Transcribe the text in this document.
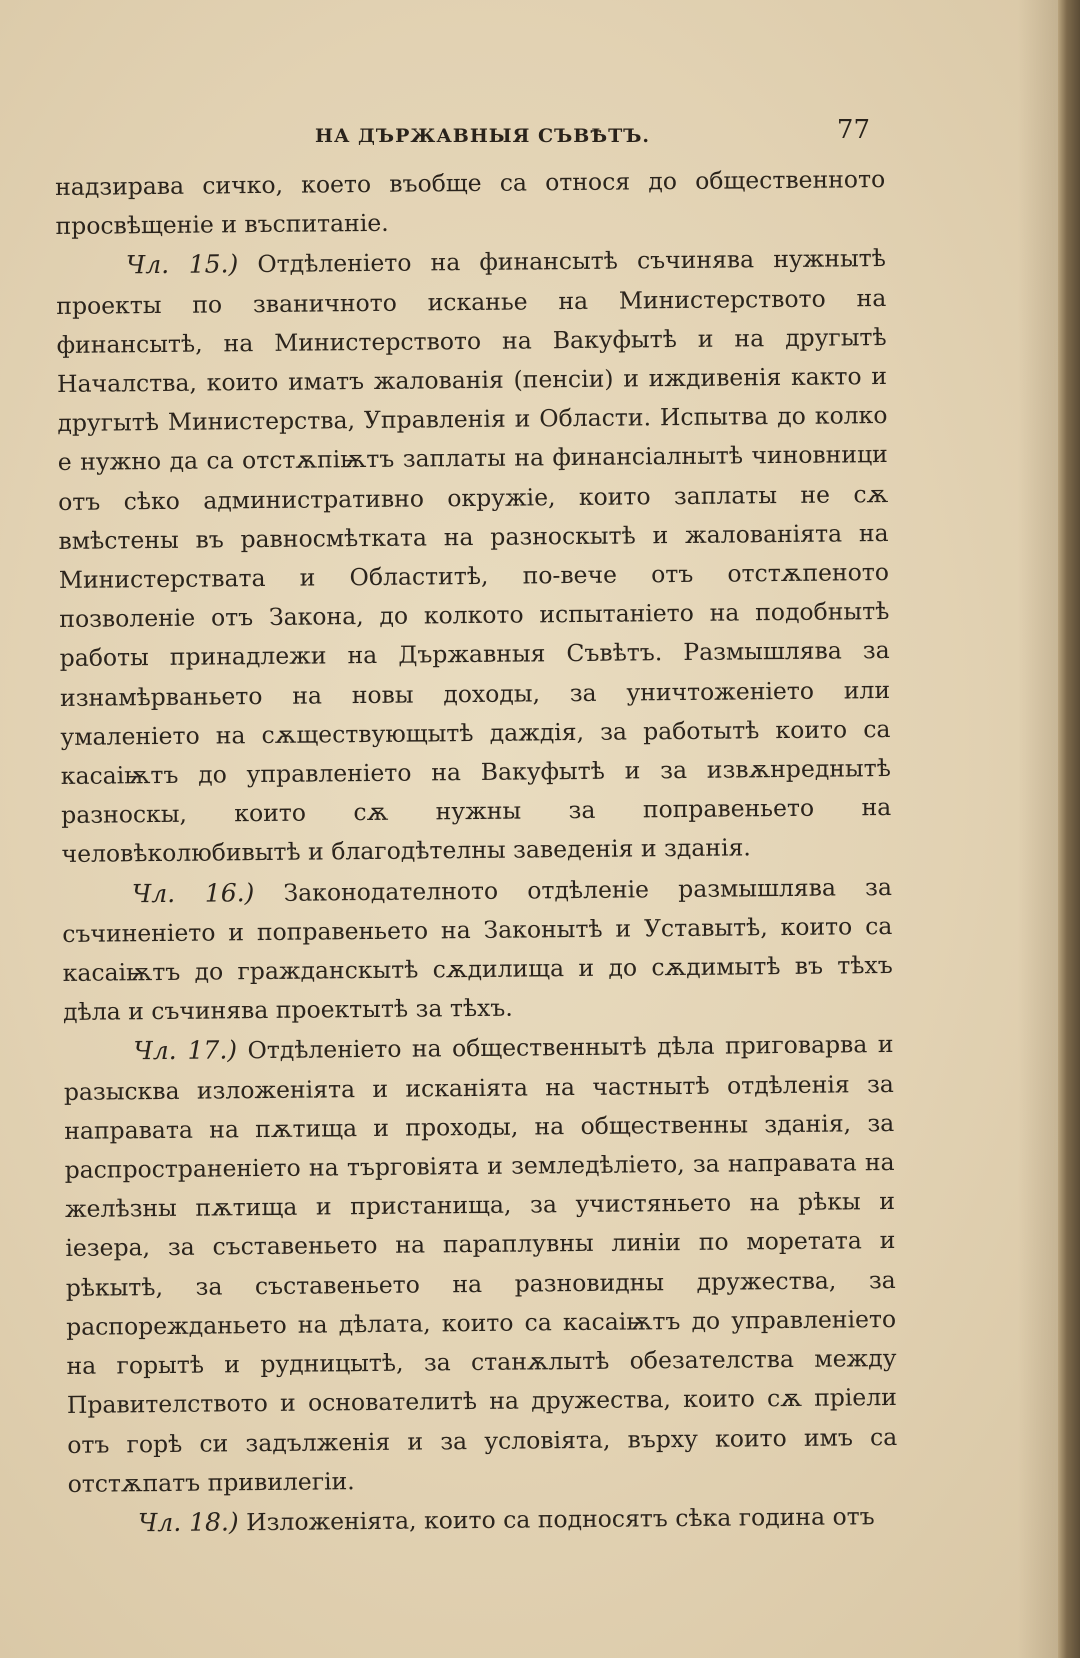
НА ДЪРЖАВНЫЯ СЪВѢТЪ.	77

надзирава сичко, което въобще са относя до общественното просвѣщеніе и въспитаніе.

Чл. 15.) Отдѣленіето на финансытѣ съчинява нужнытѣ проекты по званичното исканье на Министерството на финансытѣ, на Министерството на Вакуфытѣ и на другытѣ Началства, които иматъ жалованія (пенсіи) и иждивенія както и другытѣ Министерства, Управленія и Области. Испытва до колко е нужно да са отстѫпіѭтъ заплаты на финансіалнытѣ чиновници отъ сѣко административно окружіе, които заплаты не сѫ вмѣстены въ равносмѣтката на разноскытѣ и жалованіята на Министерствата и Областитѣ, по-вече отъ отстѫпеното позволеніе отъ Закона, до колкото испытаніето на подобнытѣ работы принадлежи на Държавныя Съвѣтъ. Размышлява за изнамѣрваньето на новы доходы, за уничтоженіето или умаленіето на сѫществующытѣ даждія, за работытѣ които са касаіѭтъ до управленіето на Вакуфытѣ и за извѫнреднытѣ разноскы, които сѫ нужны за поправеньето на человѣколюбивытѣ и благодѣтелны заведенія и зданія.

Чл. 16.) Законодателното отдѣленіе размышлява за съчиненіето и поправеньето на Законытѣ и Уставытѣ, които са касаіѭтъ до гражданскытѣ сѫдилища и до сѫдимытѣ въ тѣхъ дѣла и съчинява проектытѣ за тѣхъ.

Чл. 17.) Отдѣленіето на общественнытѣ дѣла приговарва и разысква изложеніята и исканіята на частнытѣ отдѣленія за направата на пѫтища и проходы, на общественны зданія, за распространеніето на търговіята и земледѣліето, за направата на желѣзны пѫтища и пристанища, за учистяньето на рѣкы и іезера, за съставеньето на параплувны линіи по моретата и рѣкытѣ, за съставеньето на разновидны дружества, за распорежданьето на дѣлата, които са касаіѭтъ до управленіето на горытѣ и рудницытѣ, за станѫлытѣ обезателства между Правителството и основателитѣ на дружества, които сѫ пріели отъ горѣ си задълженія и за условіята, върху които имъ са отстѫпатъ привилегіи.

Чл. 18.) Изложеніята, които са подносятъ сѣка година отъ
